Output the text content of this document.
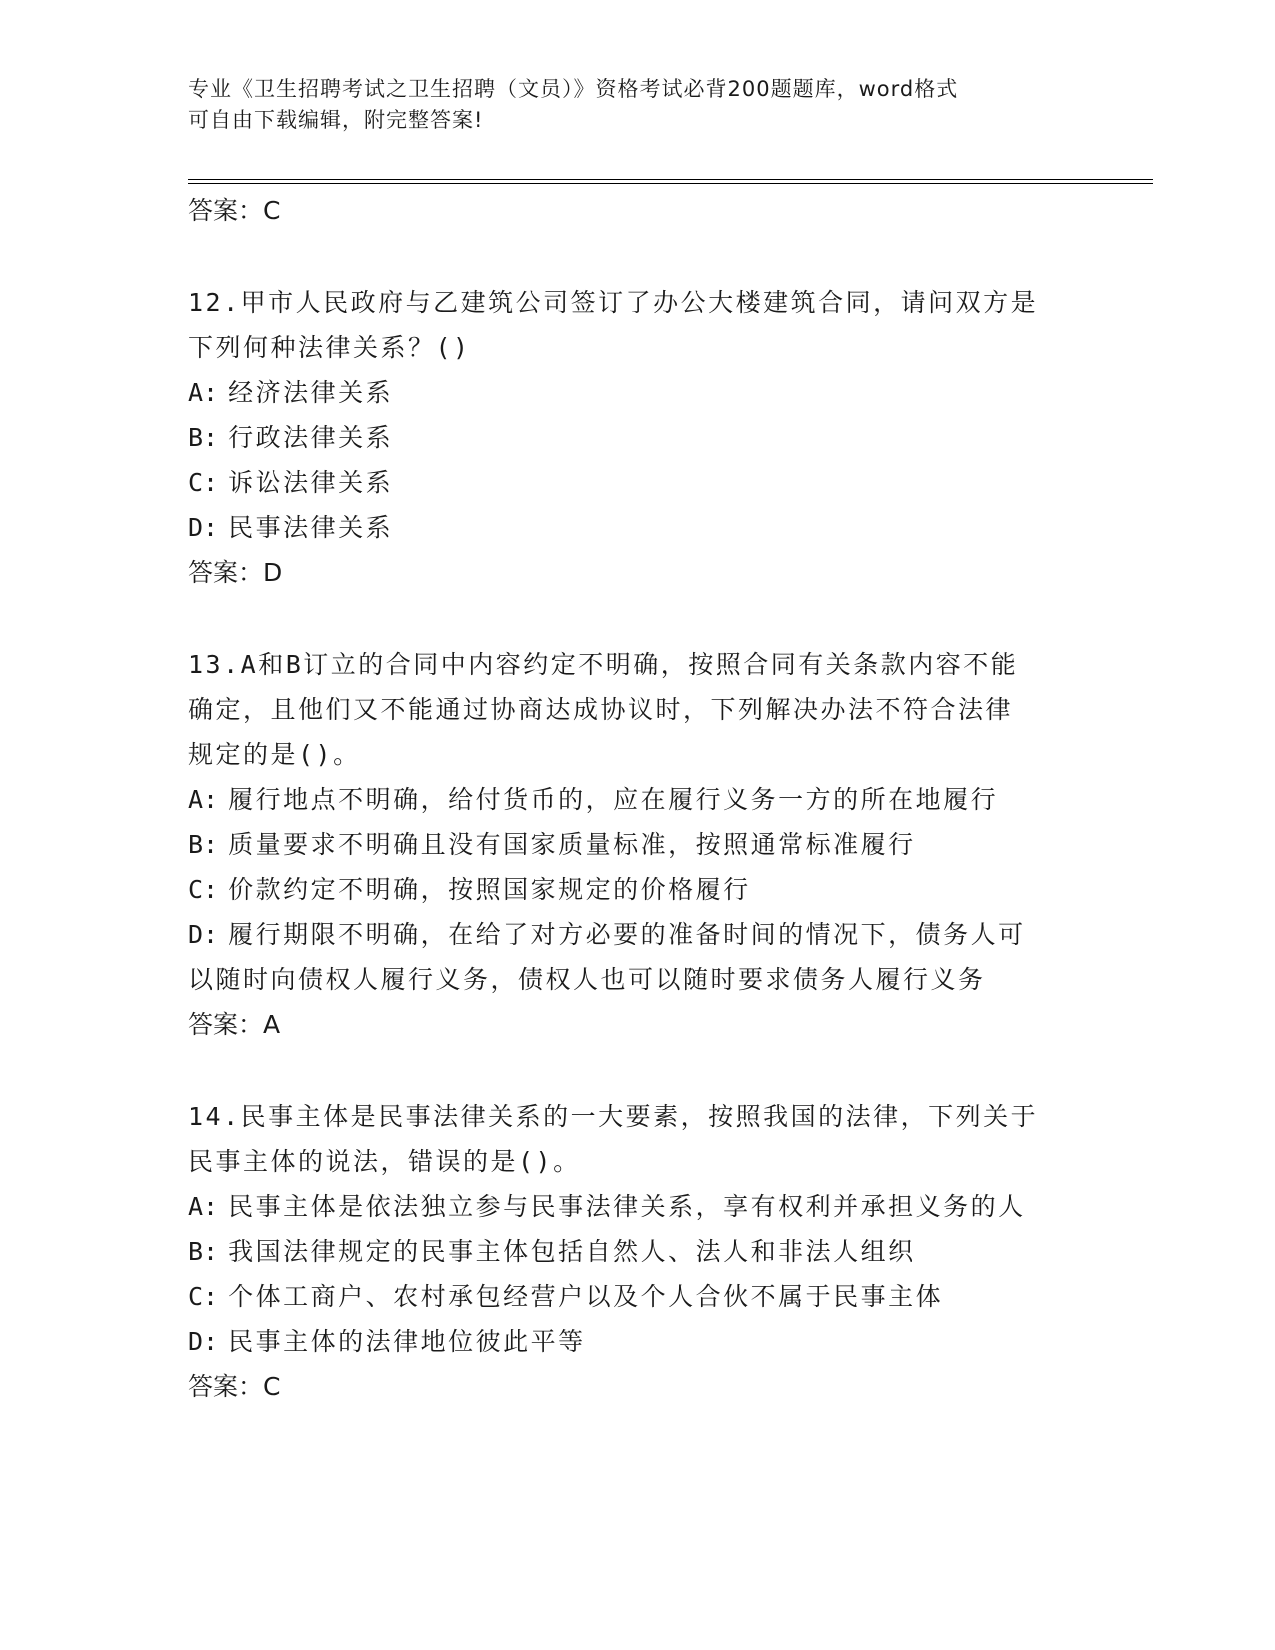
专业《卫生招聘考试之卫生招聘（文员）》资格考试必背200题题库，word格式
可自由下载编辑，附完整答案!
答案：C
12.甲市人民政府与乙建筑公司签订了办公大楼建筑合同，请问双方是
下列何种法律关系？()
A: 经济法律关系
B: 行政法律关系
C: 诉讼法律关系
D: 民事法律关系
答案：D
13.A和B订立的合同中内容约定不明确，按照合同有关条款内容不能
确定，且他们又不能通过协商达成协议时，下列解决办法不符合法律
规定的是()。
A: 履行地点不明确，给付货币的，应在履行义务一方的所在地履行
B: 质量要求不明确且没有国家质量标准，按照通常标准履行
C: 价款约定不明确，按照国家规定的价格履行
D: 履行期限不明确，在给了对方必要的准备时间的情况下，债务人可
以随时向债权人履行义务，债权人也可以随时要求债务人履行义务
答案：A
14.民事主体是民事法律关系的一大要素，按照我国的法律，下列关于
民事主体的说法，错误的是()。
A: 民事主体是依法独立参与民事法律关系，享有权利并承担义务的人
B: 我国法律规定的民事主体包括自然人、法人和非法人组织
C: 个体工商户、农村承包经营户以及个人合伙不属于民事主体
D: 民事主体的法律地位彼此平等
答案：C
